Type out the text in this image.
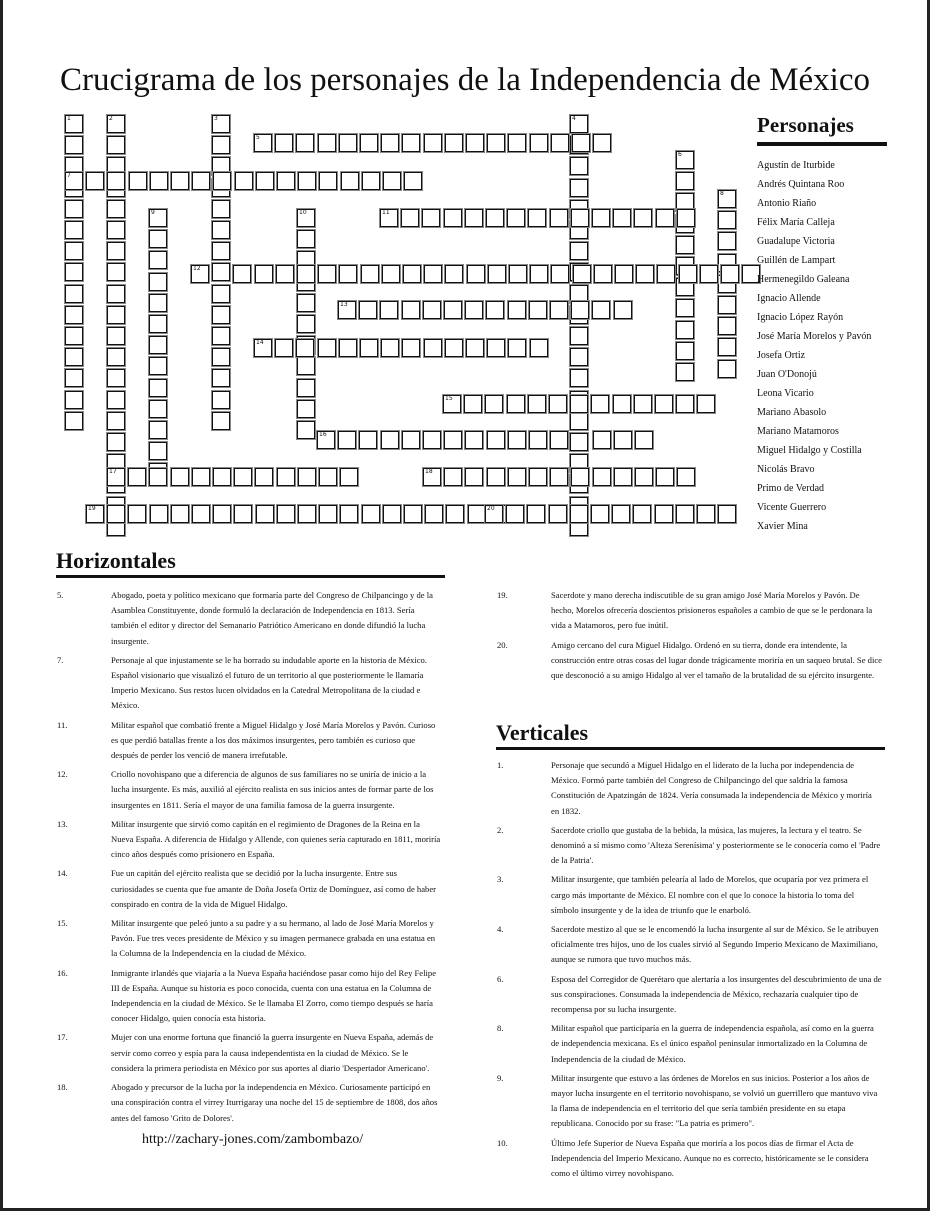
Crucigrama de los personajes de la Independencia de México
1	2	3	4
6
8
9	10
5
7
11
12
13
14
15
16
17	18
19	20
Personajes
Agustín de Iturbide
Andrés Quintana Roo
Antonio Riaño
Félix María Calleja
Guadalupe Victoria
Guillén de Lampart
Hermenegildo Galeana
Ignacio Allende
Ignacio López Rayón
José María Morelos y Pavón
Josefa Ortiz
Juan O'Donojú
Leona Vicario
Mariano Abasolo
Mariano Matamoros
Miguel Hidalgo y Costilla
Nicolás Bravo
Primo de Verdad
Vicente Guerrero
Xavier Mina
Horizontales
5.	Abogado, poeta y político mexicano que formaría parte del Congreso de Chilpancingo y de la Asamblea Constituyente, donde formuló la declaración de Independencia en 1813. Sería también el editor y director del Semanario Patriótico Americano en donde difundió la lucha insurgente.
7.	Personaje al que injustamente se le ha borrado su indudable aporte en la historia de México. Español visionario que visualizó el futuro de un territorio al que posteriormente le llamaría Imperio Mexicano. Sus restos lucen olvidados en la Catedral Metropolitana de la ciudad e México.
11.	Militar español que combatió frente a Miguel Hidalgo y José María Morelos y Pavón. Curioso es que perdió batallas frente a los dos máximos insurgentes, pero también es curioso que después de perder los venció de manera irrefutable.
12.	Criollo novohispano que a diferencia de algunos de sus familiares no se uniría de inicio a la lucha insurgente. Es más, auxilió al ejército realista en sus inicios antes de formar parte de los insurgentes en 1811. Sería el mayor de una familia famosa de la guerra insurgente.
13.	Militar insurgente que sirvió como capitán en el regimiento de Dragones de la Reina en la Nueva España. A diferencia de Hidalgo y Allende, con quienes sería capturado en 1811, moriría cinco años después como prisionero en España.
14.	Fue un capitán del ejército realista que se decidió por la lucha insurgente. Entre sus curiosidades se cuenta que fue amante de Doña Josefa Ortiz de Domínguez, así como de haber conspirado en contra de la vida de Miguel Hidalgo.
15.	Militar insurgente que peleó junto a su padre y a su hermano, al lado de José María Morelos y Pavón. Fue tres veces presidente de México y su imagen permanece grabada en una estatua en la Columna de la Independencia en la ciudad de México.
16.	Inmigrante irlandés que viajaría a la Nueva España haciéndose pasar como hijo del Rey Felipe III de España. Aunque su historia es poco conocida, cuenta con una estatua en la Columna de Independencia en la ciudad de México. Se le llamaba El Zorro, como tiempo después se haría conocer Hidalgo, quien conocía esta historia.
17.	Mujer con una enorme fortuna que financió la guerra insurgente en Nueva España, además de servir como correo y espía para la causa independentista en la ciudad de México. Se le considera la primera periodista en México por sus aportes al diario 'Despertador Americano'.
18.	Abogado y precursor de la lucha por la independencia en México. Curiosamente participó en una conspiración contra el virrey Iturrigaray una noche del 15 de septiembre de 1808, dos años antes del famoso 'Grito de Dolores'.
19.	Sacerdote y mano derecha indiscutible de su gran amigo José María Morelos y Pavón. De hecho, Morelos ofrecería doscientos prisioneros españoles a cambio de que se le perdonara la vida a Matamoros, pero fue inútil.
20.	Amigo cercano del cura Miguel Hidalgo. Ordenó en su tierra, donde era intendente, la construcción entre otras cosas del lugar donde trágicamente moriría en un saqueo brutal. Se dice que desconoció a su amigo Hidalgo al ver el tamaño de la brutalidad de su ejército insurgente.
Verticales
1.	Personaje que secundó a Miguel Hidalgo en el liderato de la lucha por independencia de México. Formó parte también del Congreso de Chilpancingo del que saldría la famosa Constitución de Apatzingán de 1824. Vería consumada la independencia de México y moriría en 1832.
2.	Sacerdote criollo que gustaba de la bebida, la música, las mujeres, la lectura y el teatro. Se denominó a sí mismo como 'Alteza Serenísima' y posteriormente se le conocería como el 'Padre de la Patria'.
3.	Militar insurgente, que también pelearía al lado de Morelos, que ocuparía por vez primera el cargo más importante de México. El nombre con el que lo conoce la historia lo toma del símbolo insurgente y de la idea de triunfo que le enarboló.
4.	Sacerdote mestizo al que se le encomendó la lucha insurgente al sur de México. Se le atribuyen oficialmente tres hijos, uno de los cuales sirvió al Segundo Imperio Mexicano de Maximiliano, aunque se rumora que tuvo muchos más.
6.	Esposa del Corregidor de Querétaro que alertaría a los insurgentes del descubrimiento de una de sus conspiraciones. Consumada la independencia de México, rechazaría cualquier tipo de recompensa por su lucha insurgente.
8.	Militar español que participaría en la guerra de independencia española, así como en la guerra de independencia mexicana. Es el único español peninsular inmortalizado en la Columna de Independencia de la ciudad de México.
9.	Militar insurgente que estuvo a las órdenes de Morelos en sus inicios. Posterior a los años de mayor lucha insurgente en el territorio novohispano, se volvió un guerrillero que mantuvo viva la flama de independencia en el territorio del que sería también presidente en su etapa republicana. Conocido por su frase: "La patria es primero".
10.	Último Jefe Superior de Nueva España que moriría a los pocos días de firmar el Acta de Independencia del Imperio Mexicano. Aunque no es correcto, históricamente se le considera como el último virrey novohispano.
http://zachary-jones.com/zambombazo/
